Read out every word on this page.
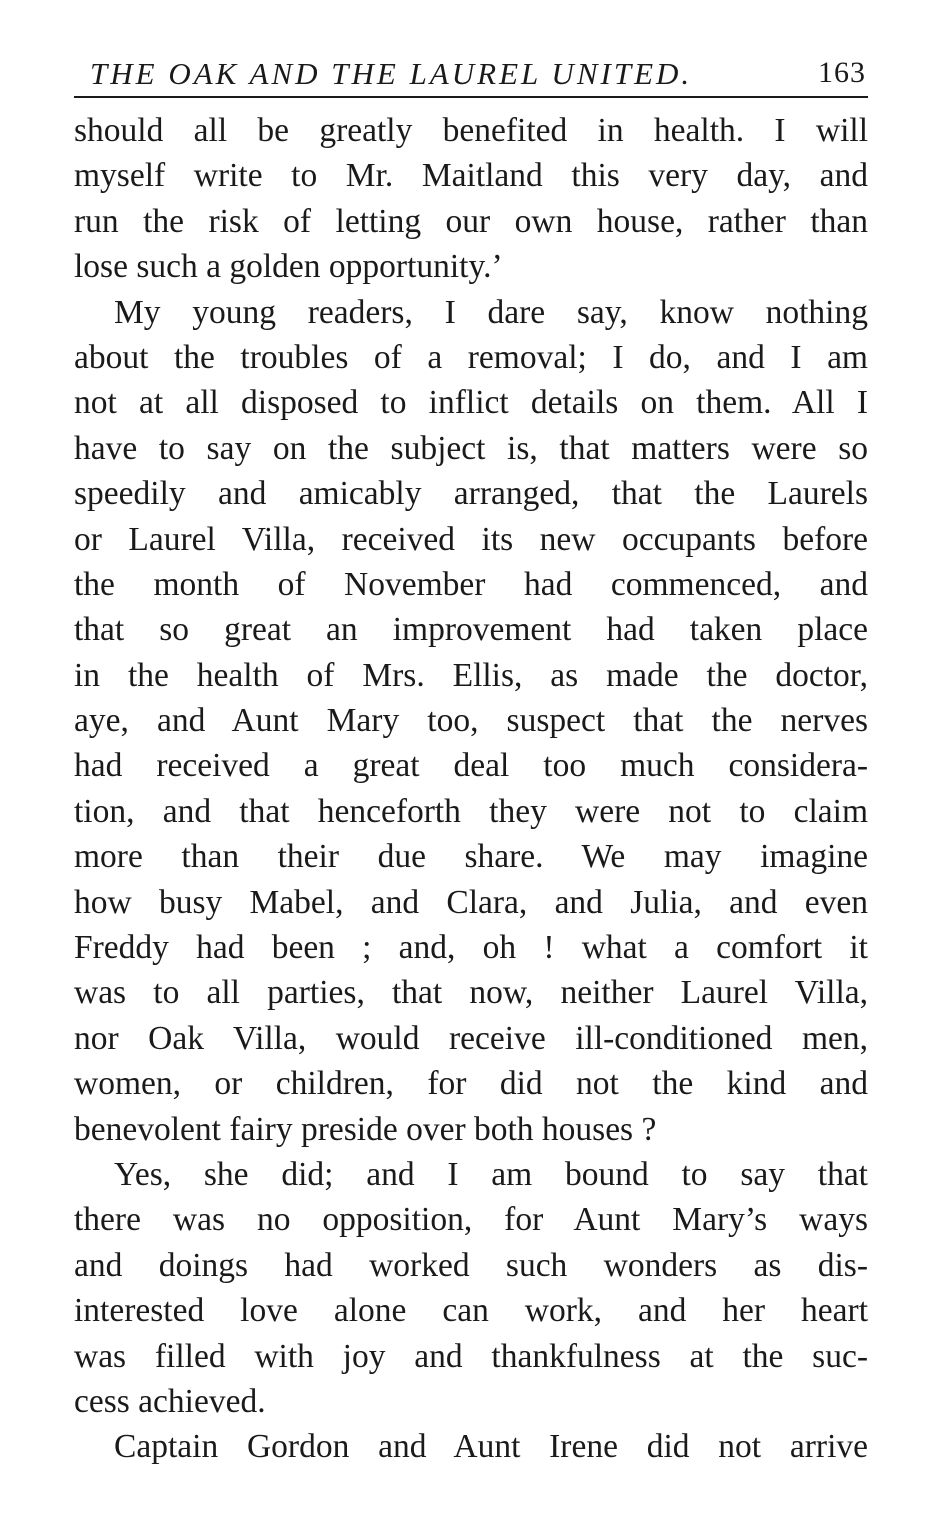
THE OAK AND THE LAUREL UNITED.	163
should all be greatly benefited in health. I will
myself write to Mr. Maitland this very day, and
run the risk of letting our own house, rather than
lose such a golden opportunity.’
My young readers, I dare say, know nothing
about the troubles of a removal; I do, and I am
not at all disposed to inflict details on them. All I
have to say on the subject is, that matters were so
speedily and amicably arranged, that the Laurels
or Laurel Villa, received its new occupants before
the month of November had commenced, and
that so great an improvement had taken place
in the health of Mrs. Ellis, as made the doctor,
aye, and Aunt Mary too, suspect that the nerves
had received a great deal too much considera-
tion, and that henceforth they were not to claim
more than their due share. We may imagine
how busy Mabel, and Clara, and Julia, and even
Freddy had been ; and, oh ! what a comfort it
was to all parties, that now, neither Laurel Villa,
nor Oak Villa, would receive ill-conditioned men,
women, or children, for did not the kind and
benevolent fairy preside over both houses ?
Yes, she did; and I am bound to say that
there was no opposition, for Aunt Mary’s ways
and doings had worked such wonders as dis-
interested love alone can work, and her heart
was filled with joy and thankfulness at the suc-
cess achieved.
Captain Gordon and Aunt Irene did not arrive
